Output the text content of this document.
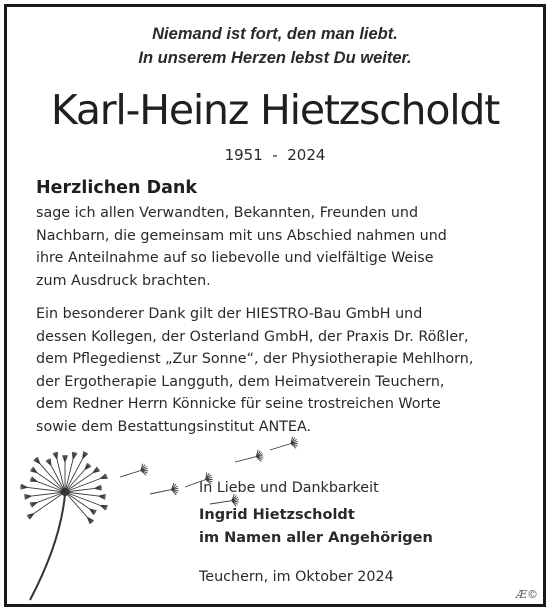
Niemand ist fort, den man liebt.
In unserem Herzen lebst Du weiter.
Karl-Heinz Hietzscholdt
1951  -  2024
Herzlichen Dank
sage ich allen Verwandten, Bekannten, Freunden und
Nachbarn, die gemeinsam mit uns Abschied nahmen und
ihre Anteilnahme auf so liebevolle und vielfältige Weise
zum Ausdruck brachten.
Ein besonderer Dank gilt der HIESTRO-Bau GmbH und
dessen Kollegen, der Osterland GmbH, der Praxis Dr. Rößler,
dem Pflegedienst „Zur Sonne“, der Physiotherapie Mehlhorn,
der Ergotherapie Langguth, dem Heimatverein Teuchern,
dem Redner Herrn Könnicke für seine trostreichen Worte
sowie dem Bestattungsinstitut ANTEA.
In Liebe und Dankbarkeit
Ingrid Hietzscholdt
im Namen aller Angehörigen
Teuchern, im Oktober 2024
Æ©
